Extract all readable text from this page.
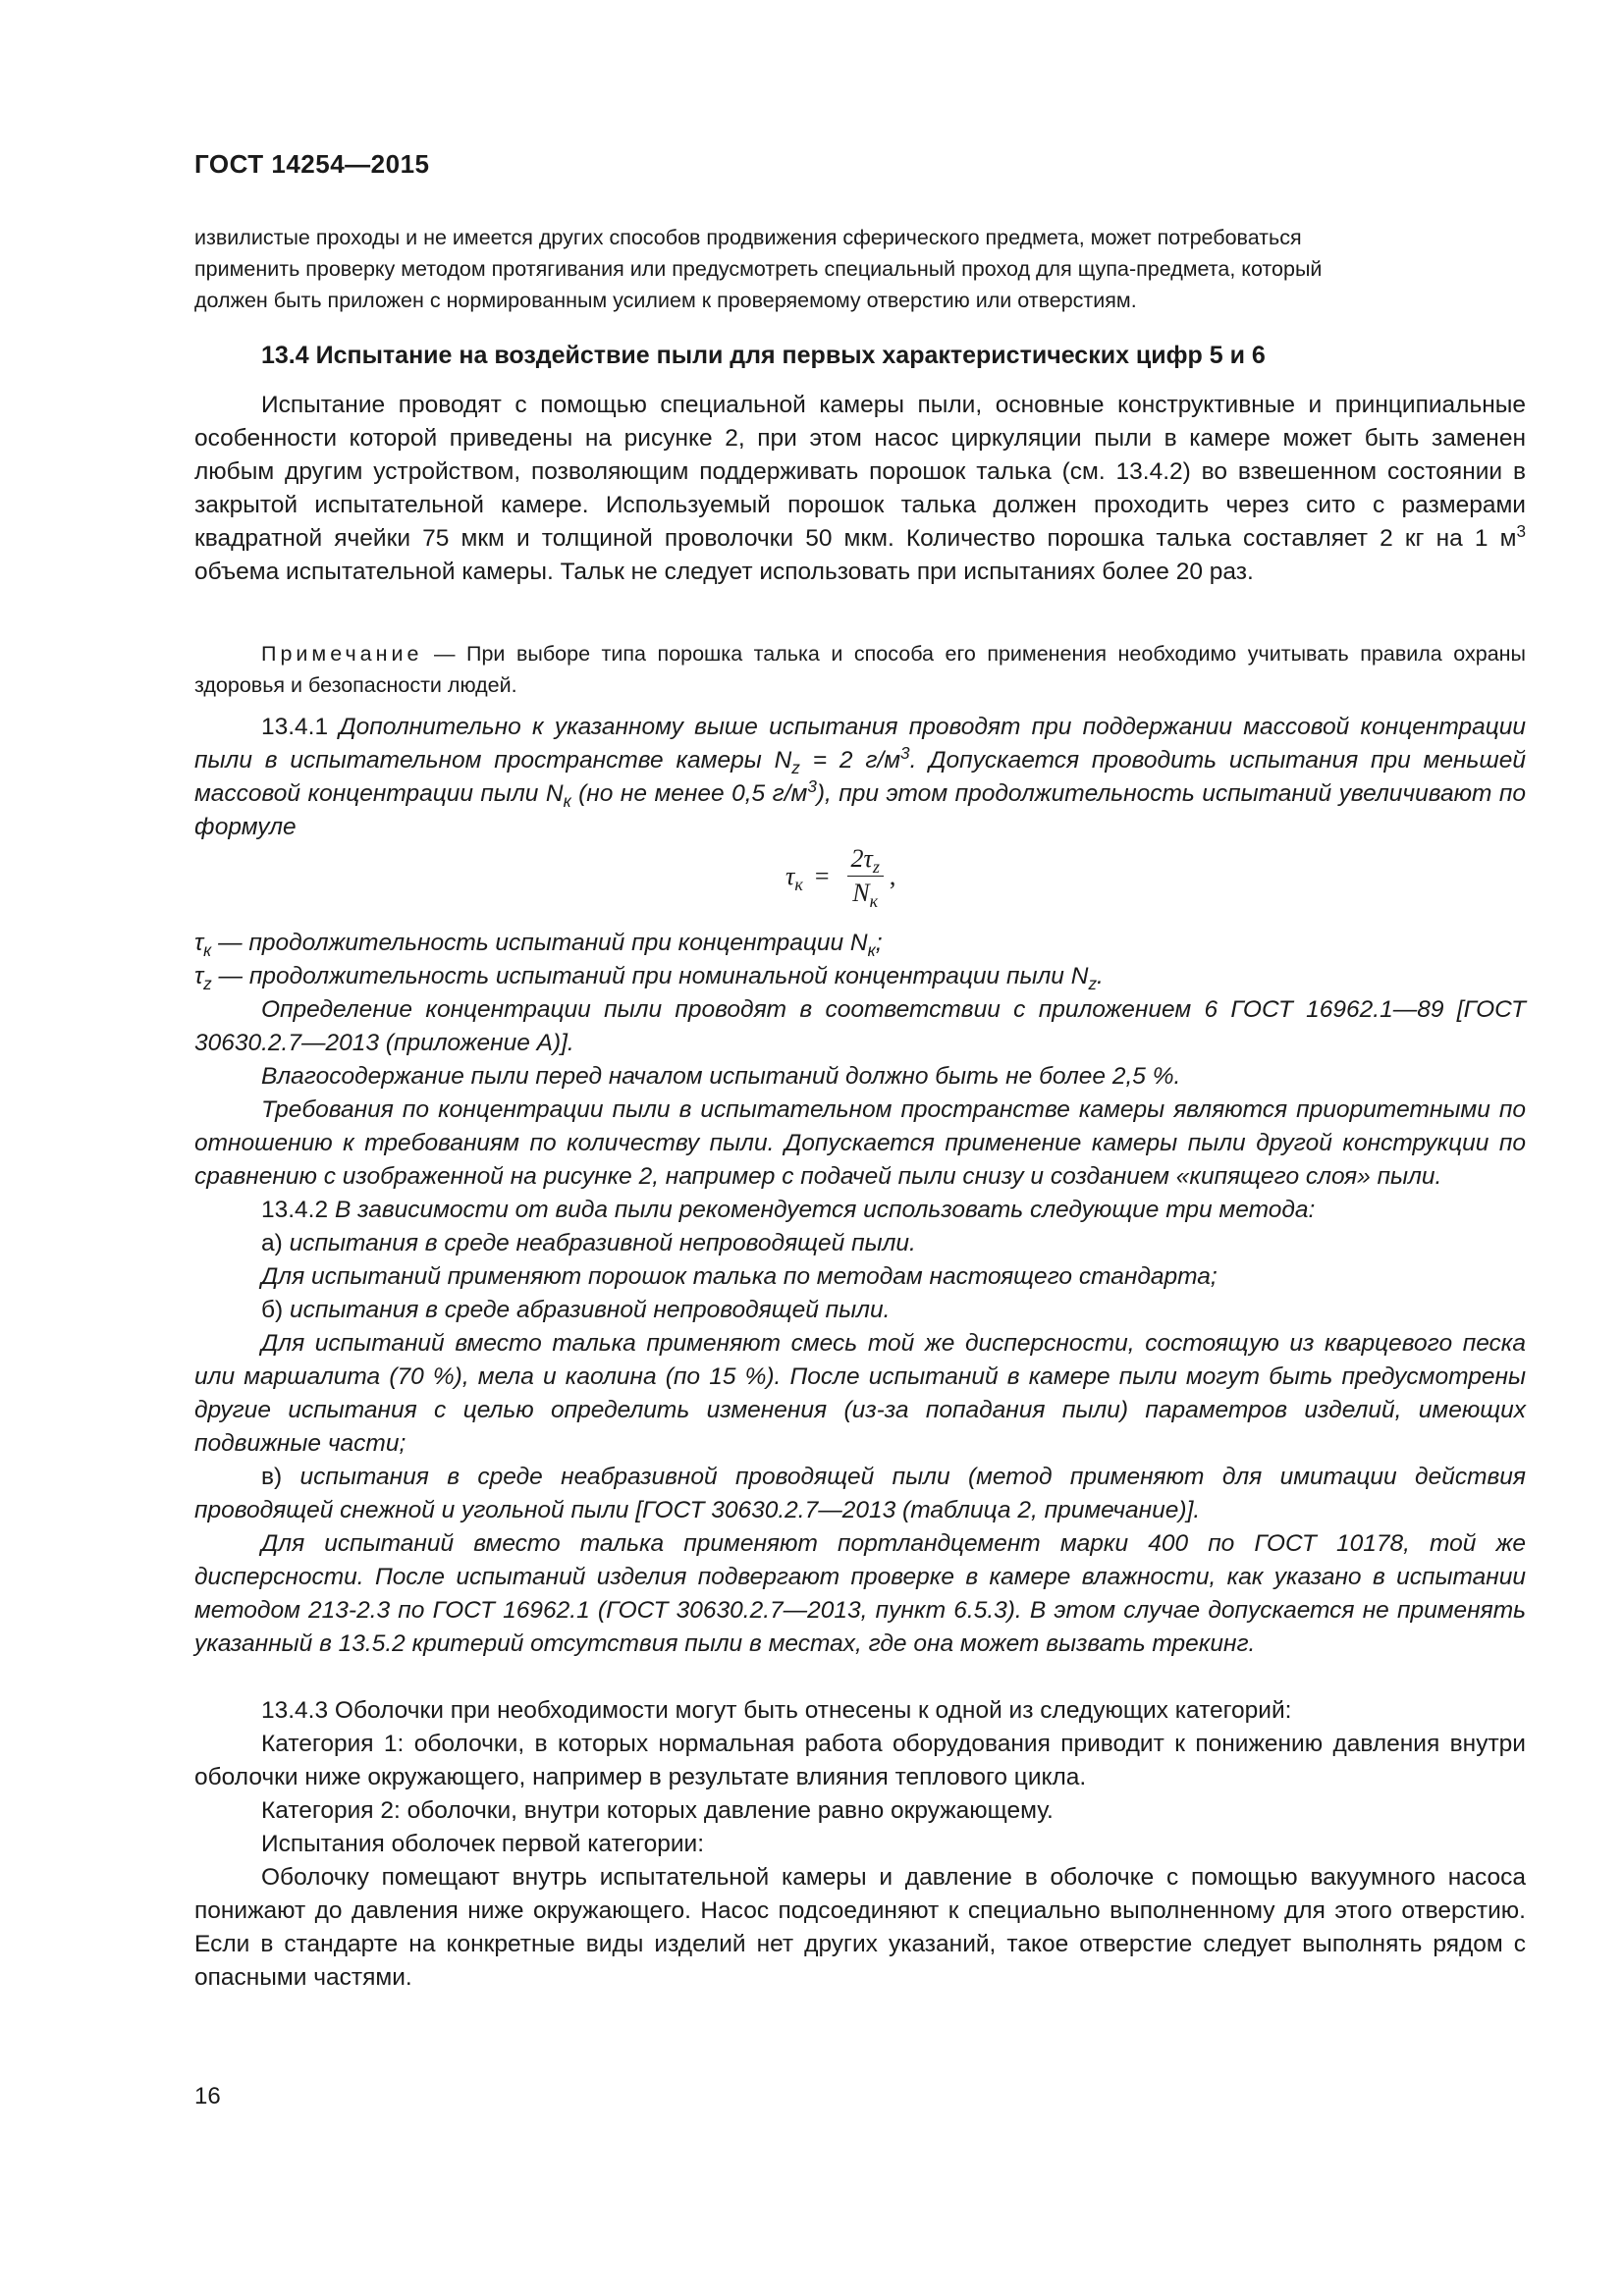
ГОСТ 14254—2015

извилистые проходы и не имеется других способов продвижения сферического предмета, может потребоваться

применить проверку методом протягивания или предусмотреть специальный проход для щупа-предмета, который

должен быть приложен с нормированным усилием к проверяемому отверстию или отверстиям.

13.4 Испытание на воздействие пыли для первых характеристических цифр 5 и 6

Испытание проводят с помощью специальной камеры пыли, основные конструктивные и принципиальные особенности которой приведены на рисунке 2, при этом насос циркуляции пыли в камере может быть заменен любым другим устройством, позволяющим поддерживать порошок талька (см. 13.4.2) во взвешенном состоянии в закрытой испытательной камере. Используемый порошок талька должен проходить через сито с размерами квадратной ячейки 75 мкм и толщиной проволочки 50 мкм. Количество порошка талька составляет 2 кг на 1 $м^3$ объема испытательной камеры. Тальк не следует использовать при испытаниях более 20 раз.

Примечание — При выборе типа порошка талька и способа его применения необходимо учитывать правила охраны здоровья и безопасности людей.

13.4.1 Дополнительно к указанному выше испытания проводят при поддержании массовой концентрации пыли в испытательном пространстве камеры $N_z = 2$ $г/м^3$. Допускается проводить испытания при меньшей массовой концентрации пыли $N_к$ (но не менее 0,5 $г/м^3$), при этом продолжительность испытаний увеличивают по формуле

$\tau_к = \frac{2\tau_z}{N_к}$ ,

$\tau_к$ — продолжительность испытаний при концентрации $N_к$;

$\tau_z$ — продолжительность испытаний при номинальной концентрации пыли $N_z$.

Определение концентрации пыли проводят в соответствии с приложением 6 ГОСТ 16962.1—89 [ГОСТ 30630.2.7—2013 (приложение А)].

Влагосодержание пыли перед началом испытаний должно быть не более 2,5 %.

Требования по концентрации пыли в испытательном пространстве камеры являются приоритетными по отношению к требованиям по количеству пыли. Допускается применение камеры пыли другой конструкции по сравнению с изображенной на рисунке 2, например с подачей пыли снизу и созданием «кипящего слоя» пыли.

13.4.2 В зависимости от вида пыли рекомендуется использовать следующие три метода:

а) испытания в среде неабразивной непроводящей пыли.

Для испытаний применяют порошок талька по методам настоящего стандарта;

б) испытания в среде абразивной непроводящей пыли.

Для испытаний вместо талька применяют смесь той же дисперсности, состоящую из кварцевого песка или маршалита (70 %), мела и каолина (по 15 %). После испытаний в камере пыли могут быть предусмотрены другие испытания с целью определить изменения (из-за попадания пыли) параметров изделий, имеющих подвижные части;

в) испытания в среде неабразивной проводящей пыли (метод применяют для имитации действия проводящей снежной и угольной пыли [ГОСТ 30630.2.7—2013 (таблица 2, примечание)].

Для испытаний вместо талька применяют портландцемент марки 400 по ГОСТ 10178, той же дисперсности. После испытаний изделия подвергают проверке в камере влажности, как указано в испытании методом 213-2.3 по ГОСТ 16962.1 (ГОСТ 30630.2.7—2013, пункт 6.5.3). В этом случае допускается не применять указанный в 13.5.2 критерий отсутствия пыли в местах, где она может вызвать трекинг.

13.4.3 Оболочки при необходимости могут быть отнесены к одной из следующих категорий:

Категория 1: оболочки, в которых нормальная работа оборудования приводит к понижению давления внутри оболочки ниже окружающего, например в результате влияния теплового цикла.

Категория 2: оболочки, внутри которых давление равно окружающему.

Испытания оболочек первой категории:

Оболочку помещают внутрь испытательной камеры и давление в оболочке с помощью вакуумного насоса понижают до давления ниже окружающего. Насос подсоединяют к специально выполненному для этого отверстию. Если в стандарте на конкретные виды изделий нет других указаний, такое отверстие следует выполнять рядом с опасными частями.

16
